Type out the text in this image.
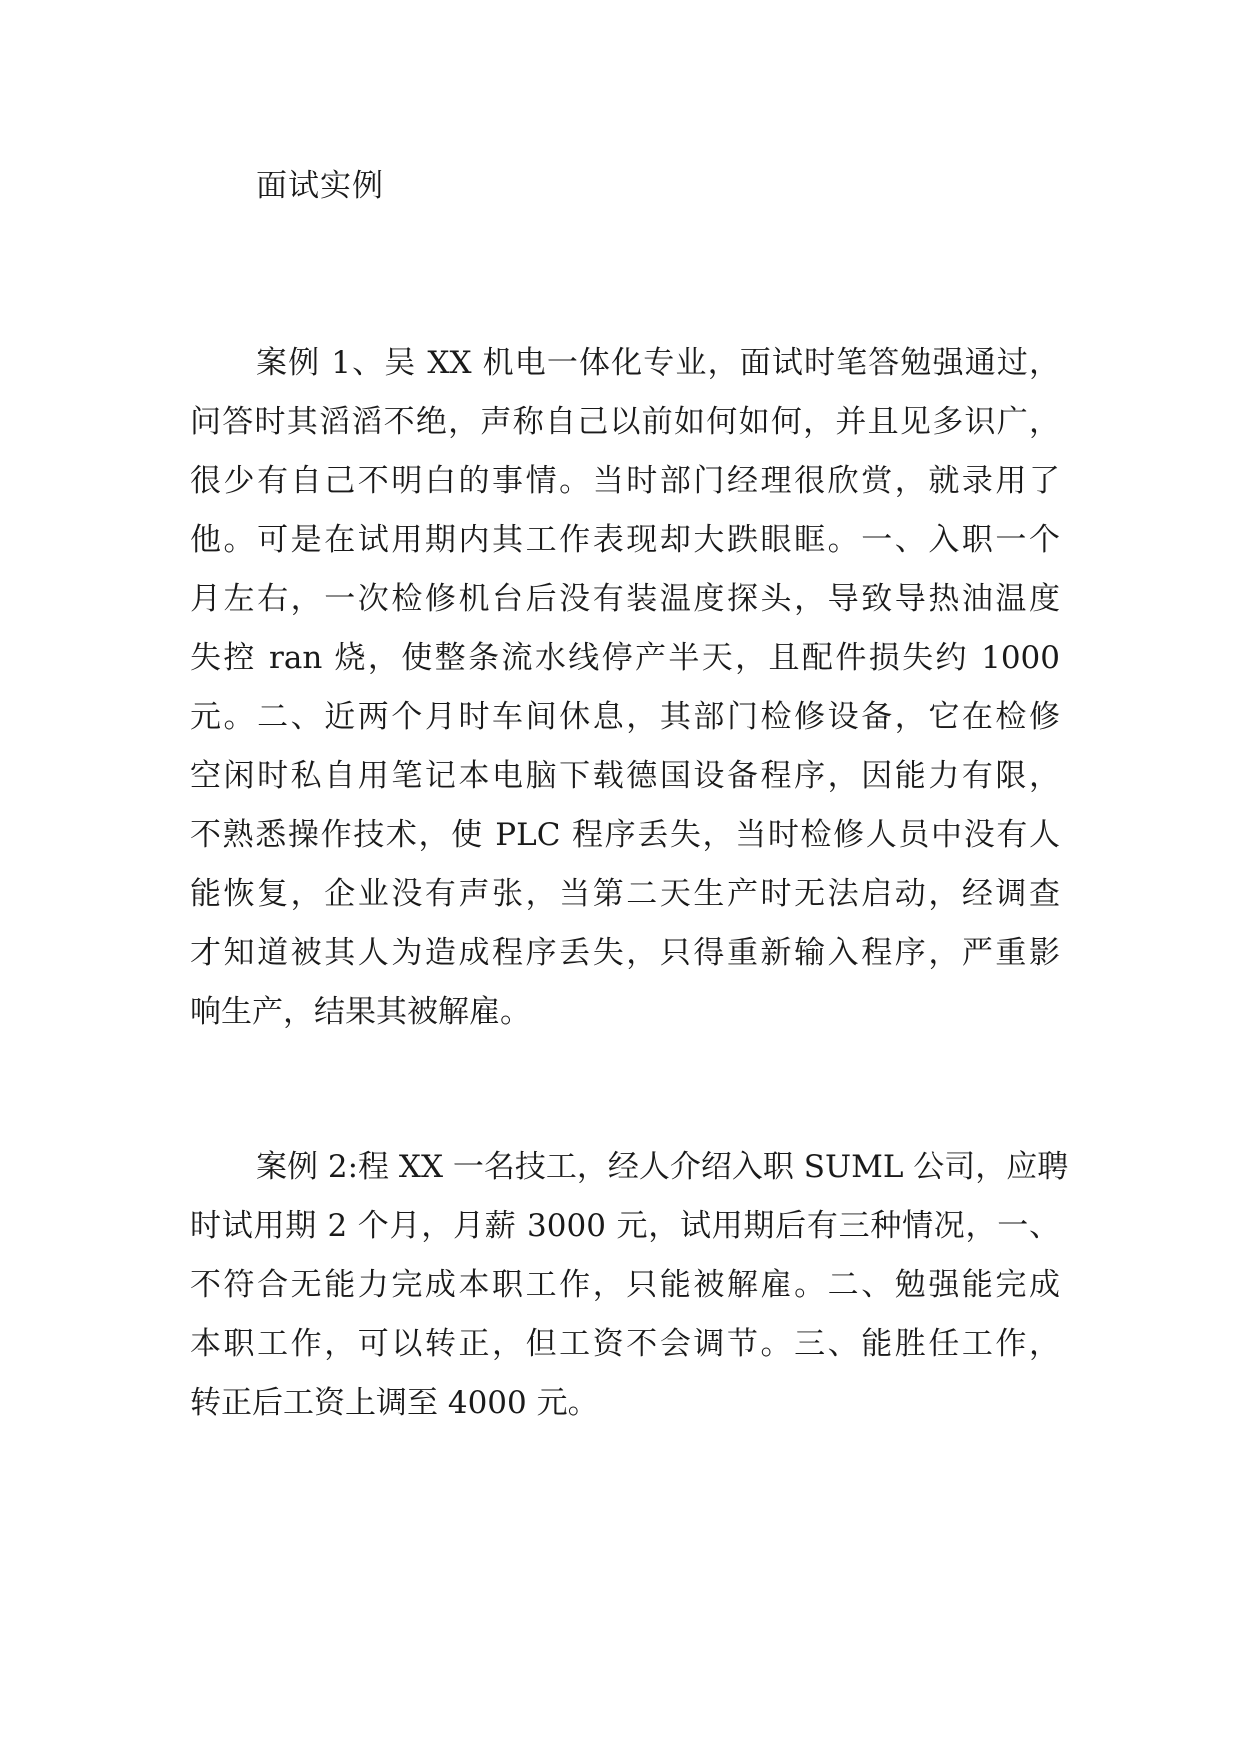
面试实例
案例 1、吴 XX 机电一体化专业，面试时笔答勉强通过，
问答时其滔滔不绝，声称自己以前如何如何，并且见多识广，
很少有自己不明白的事情。当时部门经理很欣赏，就录用了
他。可是在试用期内其工作表现却大跌眼眶。一、入职一个
月左右，一次检修机台后没有装温度探头，导致导热油温度
失控 ran 烧，使整条流水线停产半天，且配件损失约 1000
元。二、近两个月时车间休息，其部门检修设备，它在检修
空闲时私自用笔记本电脑下载德国设备程序，因能力有限，
不熟悉操作技术，使 PLC 程序丢失，当时检修人员中没有人
能恢复，企业没有声张，当第二天生产时无法启动，经调查
才知道被其人为造成程序丢失，只得重新输入程序，严重影
响生产，结果其被解雇。
案例 2:程 XX 一名技工，经人介绍入职 SUML 公司，应聘
时试用期 2 个月，月薪 3000 元，试用期后有三种情况，一、
不符合无能力完成本职工作，只能被解雇。二、勉强能完成
本职工作，可以转正，但工资不会调节。三、能胜任工作，
转正后工资上调至 4000 元。
